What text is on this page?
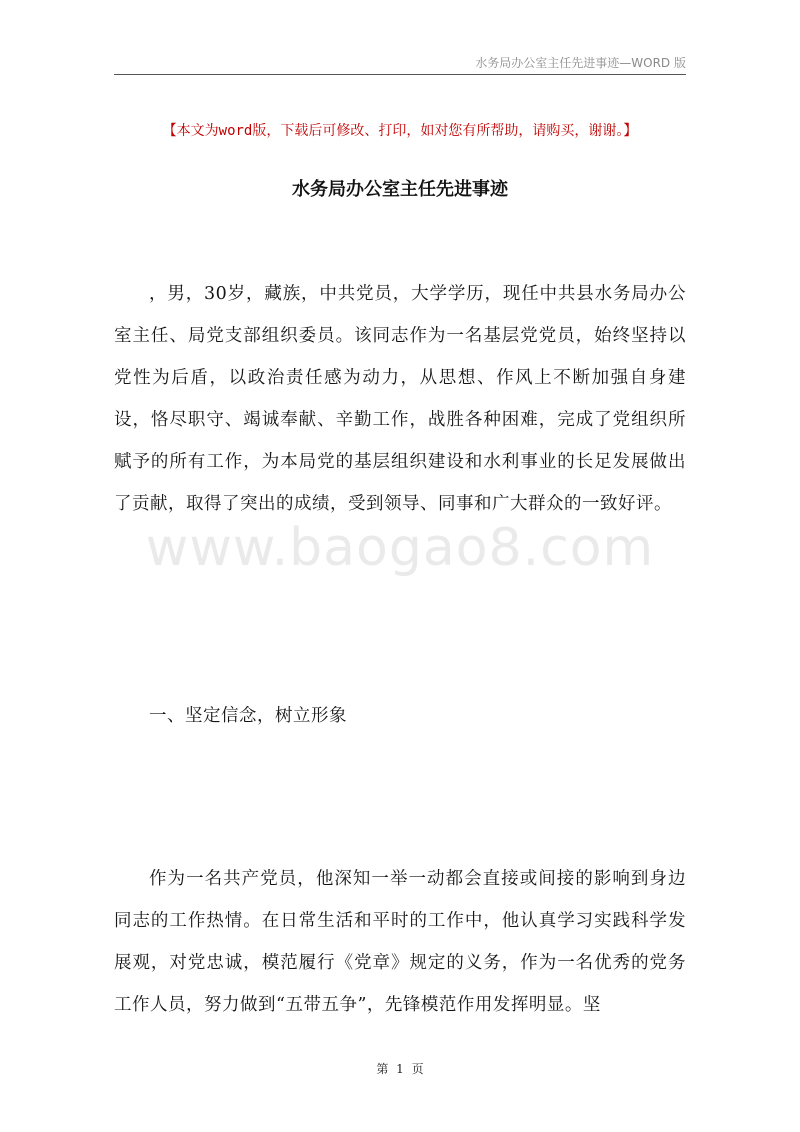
水务局办公室主任先进事迹—WORD 版
【本文为word版，下载后可修改、打印，如对您有所帮助，请购买，谢谢。】
水务局办公室主任先进事迹

，男，30岁，藏族，中共党员，大学学历，现任中共县水务局办公室主任、局党支部组织委员。该同志作为一名基层党党员，始终坚持以党性为后盾，以政治责任感为动力，从思想、作风上不断加强自身建设，恪尽职守、竭诚奉献、辛勤工作，战胜各种困难，完成了党组织所赋予的所有工作，为本局党的基层组织建设和水利事业的长足发展做出了贡献，取得了突出的成绩，受到领导、同事和广大群众的一致好评。

www.baogao8.com

一、坚定信念，树立形象

作为一名共产党员，他深知一举一动都会直接或间接的影响到身边同志的工作热情。在日常生活和平时的工作中，他认真学习实践科学发展观，对党忠诚，模范履行《党章》规定的义务，作为一名优秀的党务工作人员，努力做到“五带五争”，先锋模范作用发挥明显。坚

第 1 页
